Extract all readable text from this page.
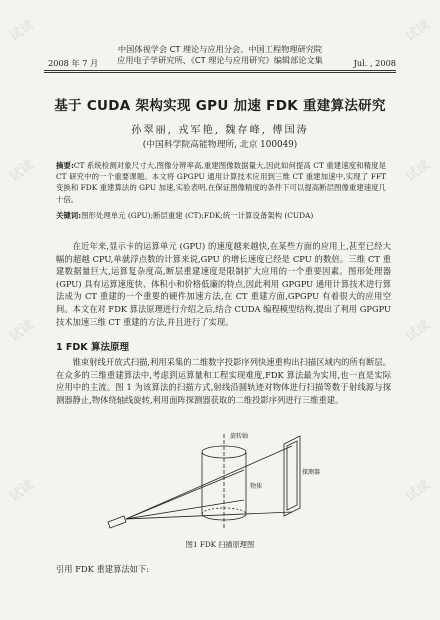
中国体视学会 CT 理论与应用分会、中国工程物理研究院
应用电子学研究所、《CT 理论与应用研究》编辑部论文集
2008 年 7 月	Jul. , 2008
基于 CUDA 架构实现 GPU 加速 FDK 重建算法研究
孙翠丽, 戎军艳, 魏存峰, 傅国涛
(中国科学院高能物理所, 北京 100049)
摘要:CT 系统检测对象尺寸大,图像分辨率高,重建图像数据量大,因此如何提高 CT 重建速度和精度是 CT 研究中的一个重要课题。本文将 GPGPU 通用计算技术应用到三维 CT 重建加速中,实现了 FFT 变换和 FDK 重建算法的 GPU 加速,实验表明,在保证图像精度的条件下可以提高断层图像重建速度几十倍。
关键词:图形处理单元 (GPU);断层重建 (CT);FDK;统一计算设备架构 (CUDA)
在近年来,显示卡的运算单元 (GPU) 的速度越来越快,在某些方面的应用上,甚至已经大幅的超越 CPU,单就浮点数的计算来说,GPU 的增长速度已经是 CPU 的数倍。三维 CT 重建数据量巨大,运算复杂度高,断层重建速度是限制扩大应用的一个重要因素。图形处理器 (GPU) 具有运算速度快、体积小和价格低廉的特点,因此利用 GPGPU 通用计算技术进行算法成为 CT 重建的一个重要的硬件加速方法,在 CT 重建方面,GPGPU 有着很大的应用空间。本文在对 FDK 算法原理进行介绍之后,结合 CUDA 编程模型结构,提出了利用 GPGPU 技术加速三维 CT 重建的方法,并且进行了实现。
1 FDK 算法原理
锥束射线开放式扫描,利用采集的二维数字投影序列快速重构出扫描区域内的所有断层。在众多的三维重建算法中,考虑到运算量和工程实现难度,FDK 算法最为实用,也一直是实际应用中的主流。图 1 为该算法的扫描方式,射线沿圆轨迹对物体进行扫描等数于射线源与探测器静止,物体绕轴线旋转,利用面阵探测器获取的二维投影序列进行三维重建。
旋转轴
探测器
物体
图1 FDK 扫描原理图
引用 FDK 重建算法如下:
试读
试读
试读
试读
试读
试读
试读
试读
